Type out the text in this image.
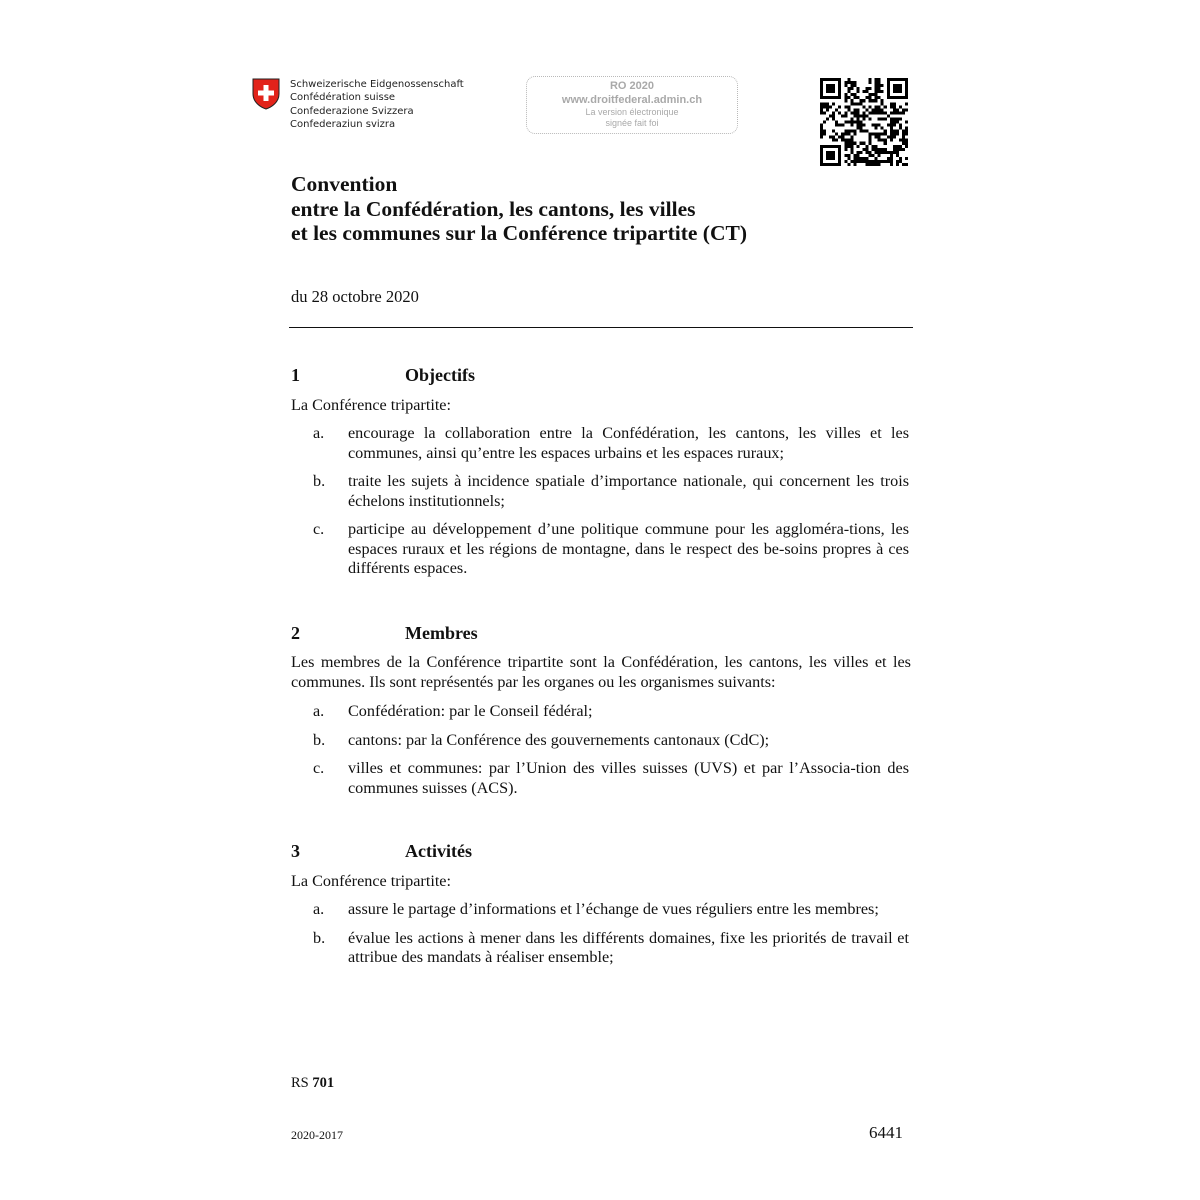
Schweizerische Eidgenossenschaft
Confédération suisse
Confederazione Svizzera
Confederaziun svizra
RO 2020
www.droitfederal.admin.ch
La version électronique
signée fait foi
Convention
entre la Confédération, les cantons, les villes
et les communes sur la Conférence tripartite (CT)
du 28 octobre 2020
1	Objectifs
La Conférence tripartite:
a. encourage la collaboration entre la Confédération, les cantons, les villes et les communes, ainsi qu’entre les espaces urbains et les espaces ruraux;
b. traite les sujets à incidence spatiale d’importance nationale, qui concernent les trois échelons institutionnels;
c. participe au développement d’une politique commune pour les aggloméra-tions, les espaces ruraux et les régions de montagne, dans le respect des be-soins propres à ces différents espaces.
2	Membres
Les membres de la Conférence tripartite sont la Confédération, les cantons, les villes et les communes. Ils sont représentés par les organes ou les organismes suivants:
a. Confédération: par le Conseil fédéral;
b. cantons: par la Conférence des gouvernements cantonaux (CdC);
c. villes et communes: par l’Union des villes suisses (UVS) et par l’Associa-tion des communes suisses (ACS).
3	Activités
La Conférence tripartite:
a. assure le partage d’informations et l’échange de vues réguliers entre les membres;
b. évalue les actions à mener dans les différents domaines, fixe les priorités de travail et attribue des mandats à réaliser ensemble;
RS 701
2020-2017	6441
